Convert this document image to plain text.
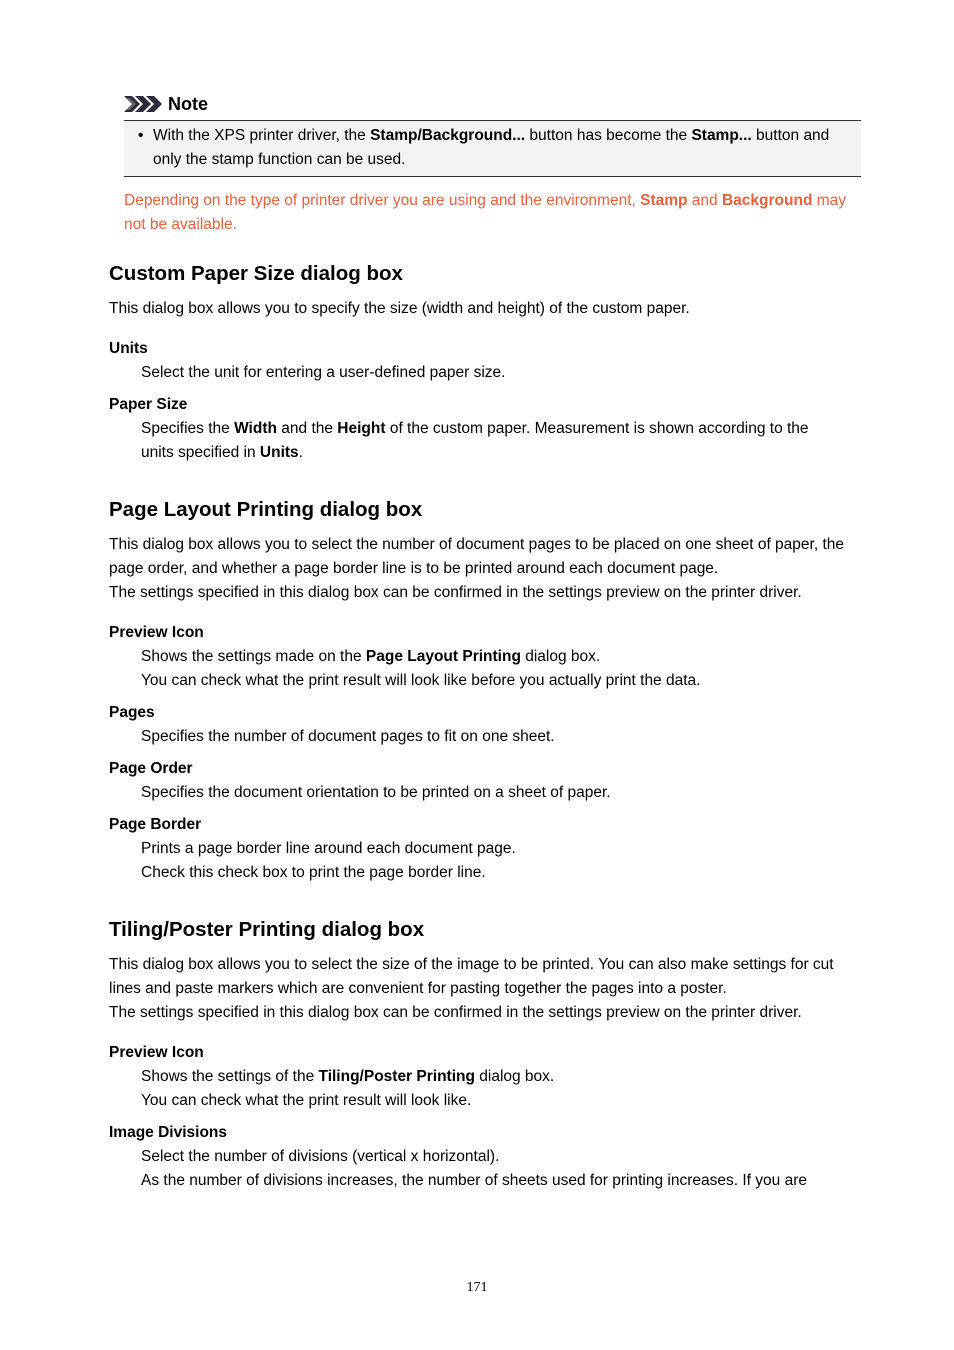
Note
• With the XPS printer driver, the Stamp/Background... button has become the Stamp... button and only the stamp function can be used.
Depending on the type of printer driver you are using and the environment, Stamp and Background may not be available.
Custom Paper Size dialog box
This dialog box allows you to specify the size (width and height) of the custom paper.
Units
Select the unit for entering a user-defined paper size.
Paper Size
Specifies the Width and the Height of the custom paper. Measurement is shown according to the units specified in Units.
Page Layout Printing dialog box
This dialog box allows you to select the number of document pages to be placed on one sheet of paper, the page order, and whether a page border line is to be printed around each document page.
The settings specified in this dialog box can be confirmed in the settings preview on the printer driver.
Preview Icon
Shows the settings made on the Page Layout Printing dialog box.
You can check what the print result will look like before you actually print the data.
Pages
Specifies the number of document pages to fit on one sheet.
Page Order
Specifies the document orientation to be printed on a sheet of paper.
Page Border
Prints a page border line around each document page.
Check this check box to print the page border line.
Tiling/Poster Printing dialog box
This dialog box allows you to select the size of the image to be printed. You can also make settings for cut lines and paste markers which are convenient for pasting together the pages into a poster.
The settings specified in this dialog box can be confirmed in the settings preview on the printer driver.
Preview Icon
Shows the settings of the Tiling/Poster Printing dialog box.
You can check what the print result will look like.
Image Divisions
Select the number of divisions (vertical x horizontal).
As the number of divisions increases, the number of sheets used for printing increases. If you are
171
